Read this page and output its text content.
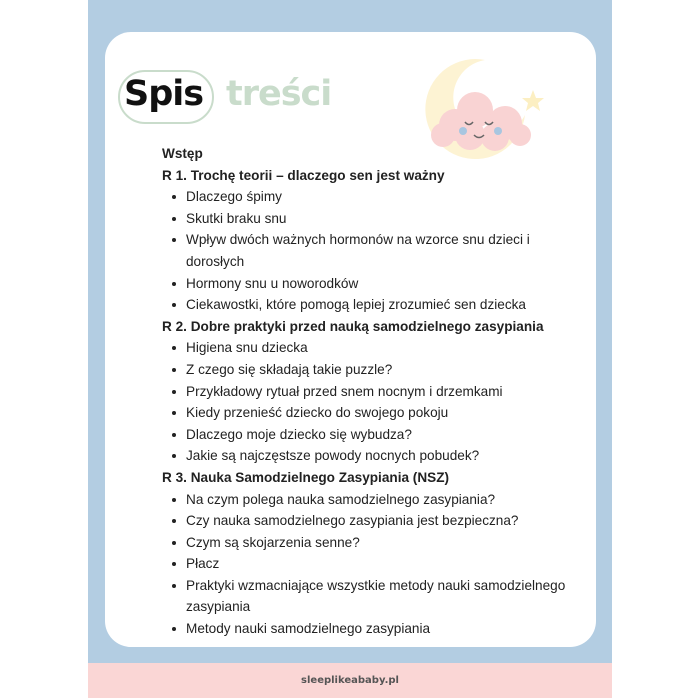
Spis treści
Wstęp
R 1. Trochę teorii – dlaczego sen jest ważny
Dlaczego śpimy
Skutki braku snu
Wpływ dwóch ważnych hormonów na wzorce snu dzieci i dorosłych
Hormony snu u noworodków
Ciekawostki, które pomogą lepiej zrozumieć sen dziecka
R 2. Dobre praktyki przed nauką samodzielnego zasypiania
Higiena snu dziecka
Z czego się składają takie puzzle?
Przykładowy rytuał przed snem nocnym i drzemkami
Kiedy przenieść dziecko do swojego pokoju
Dlaczego moje dziecko się wybudza?
Jakie są najczęstsze powody nocnych pobudek?
R 3. Nauka Samodzielnego Zasypiania (NSZ)
Na czym polega nauka samodzielnego zasypiania?
Czy nauka samodzielnego zasypiania jest bezpieczna?
Czym są skojarzenia senne?
Płacz
Praktyki wzmacniające wszystkie metody nauki samodzielnego zasypiania
Metody nauki samodzielnego zasypiania
sleeplikeababy.pl
